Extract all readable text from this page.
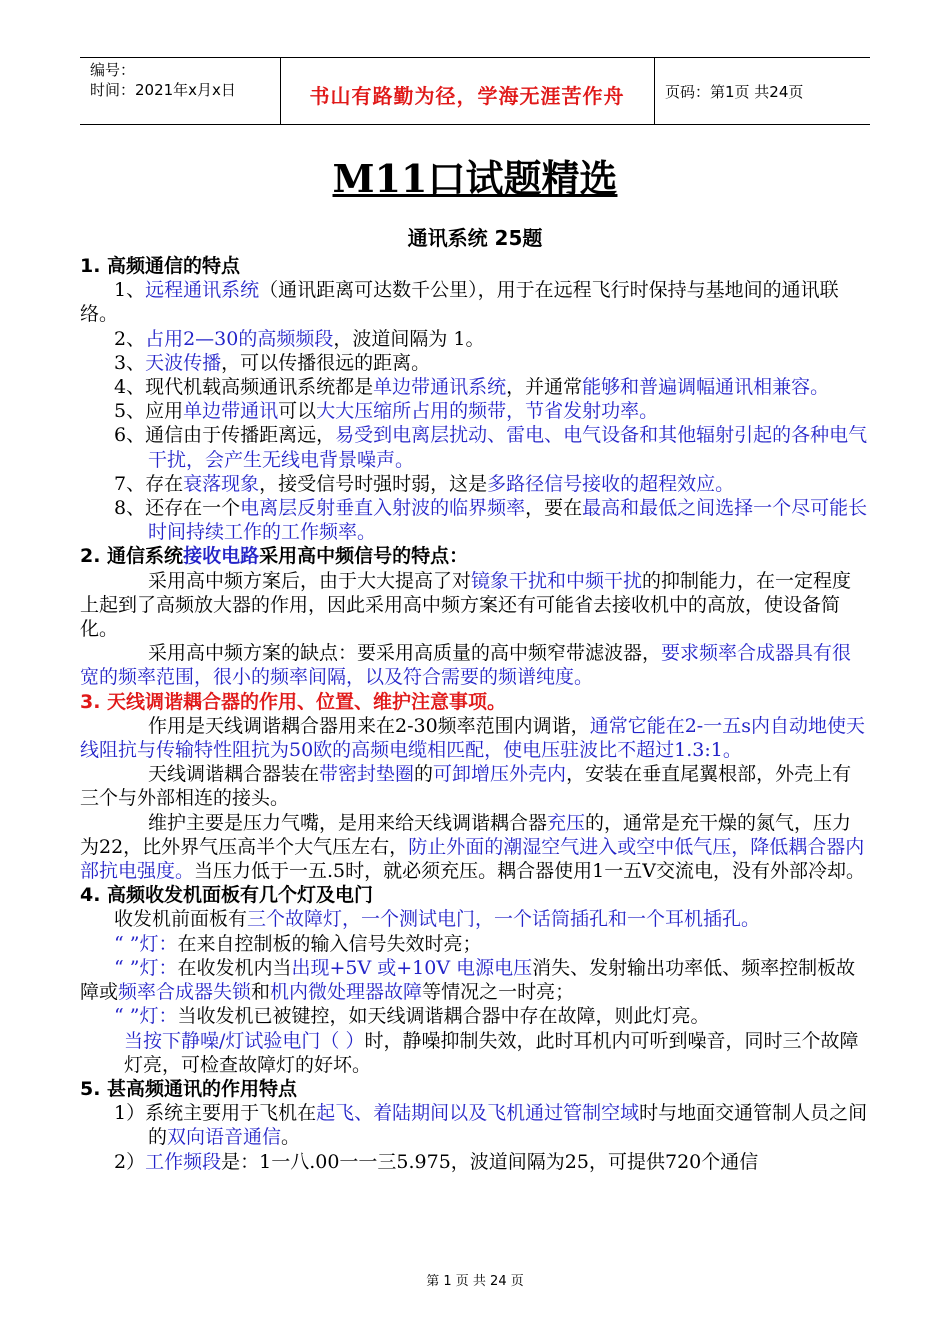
编号：
时间：2021年x月x日	书山有路勤为径，学海无涯苦作舟	页码：第1页 共24页
M11口试题精选
通讯系统 25题

1. 高频通信的特点

1、远程通讯系统（通讯距离可达数千公里），用于在远程飞行时保持与基地间的通讯联络。

2、占用2—30的高频频段，波道间隔为 1。

3、天波传播，可以传播很远的距离。

4、现代机载高频通讯系统都是单边带通讯系统，并通常能够和普遍调幅通讯相兼容。

5、应用单边带通讯可以大大压缩所占用的频带，节省发射功率。

6、通信由于传播距离远，易受到电离层扰动、雷电、电气设备和其他辐射引起的各种电气干扰，会产生无线电背景噪声。

7、存在衰落现象，接受信号时强时弱，这是多路径信号接收的超程效应。

8、还存在一个电离层反射垂直入射波的临界频率，要在最高和最低之间选择一个尽可能长时间持续工作的工作频率。

2. 通信系统接收电路采用高中频信号的特点：

采用高中频方案后，由于大大提高了对镜象干扰和中频干扰的抑制能力，在一定程度上起到了高频放大器的作用，因此采用高中频方案还有可能省去接收机中的高放，使设备简化。

采用高中频方案的缺点：要采用高质量的高中频窄带滤波器，要求频率合成器具有很宽的频率范围，很小的频率间隔，以及符合需要的频谱纯度。

3. 天线调谐耦合器的作用、位置、维护注意事项。

作用是天线调谐耦合器用来在2-30频率范围内调谐，通常它能在2-一五s内自动地使天线阻抗与传输特性阻抗为50欧的高频电缆相匹配，使电压驻波比不超过1.3:1。

天线调谐耦合器装在带密封垫圈的可卸增压外壳内，安装在垂直尾翼根部，外壳上有三个与外部相连的接头。

维护主要是压力气嘴，是用来给天线调谐耦合器充压的，通常是充干燥的氮气，压力为22，比外界气压高半个大气压左右，防止外面的潮湿空气进入或空中低气压，降低耦合器内部抗电强度。当压力低于一五.5时，就必须充压。耦合器使用1一五V交流电，没有外部冷却。

4. 高频收发机面板有几个灯及电门

收发机前面板有三个故障灯，一个测试电门，一个话筒插孔和一个耳机插孔。

“ ”灯：在来自控制板的输入信号失效时亮；

“ ”灯：在收发机内当出现+5V 或+10V 电源电压消失、发射输出功率低、频率控制板故障或频率合成器失锁和机内微处理器故障等情况之一时亮；

“ ”灯：当收发机已被键控，如天线调谐耦合器中存在故障，则此灯亮。

当按下静噪/灯试验电门（ ）时，静噪抑制失效，此时耳机内可听到噪音，同时三个故障灯亮，可检查故障灯的好坏。

5. 甚高频通讯的作用特点

1）系统主要用于飞机在起飞、着陆期间以及飞机通过管制空域时与地面交通管制人员之间的双向语音通信。

2）工作频段是：1一八.00一一三5.975，波道间隔为25，可提供720个通信

第 1 页 共 24 页
